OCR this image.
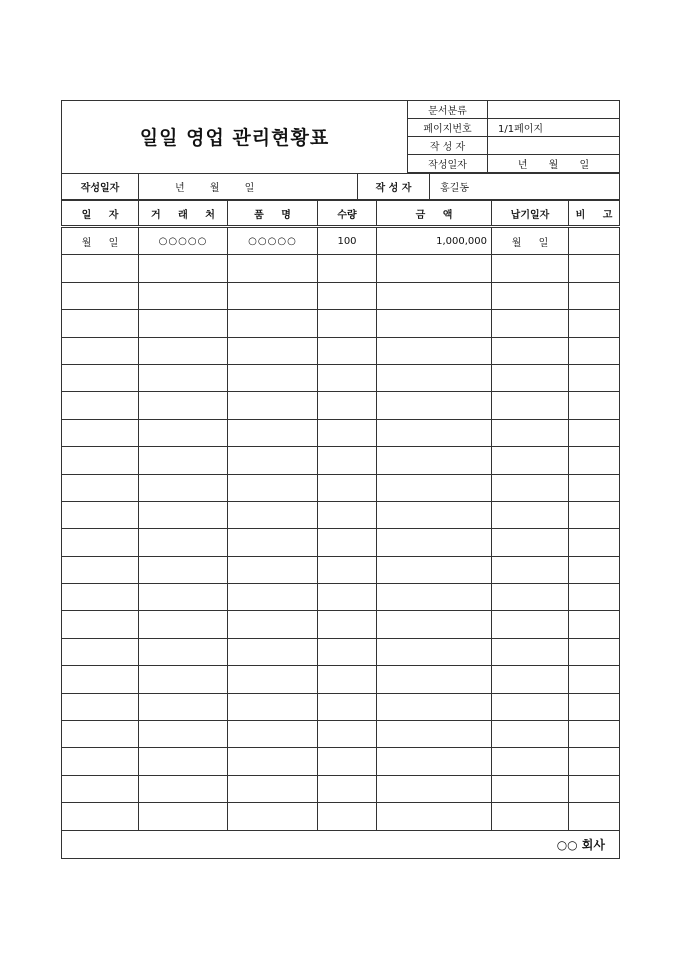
일일 영업 관리현황표	문서분류	
	페이지번호	1/1페이지
	작 성 자	
	작성일자	년 월 일
작성일자	년 월 일	작 성 자	홍길동
일 자	거 래 처	품 명	수량	금 액	납기일자	비 고
월 일	○○○○○	○○○○○	100	1,000,000	월 일	

○○ 회사						
